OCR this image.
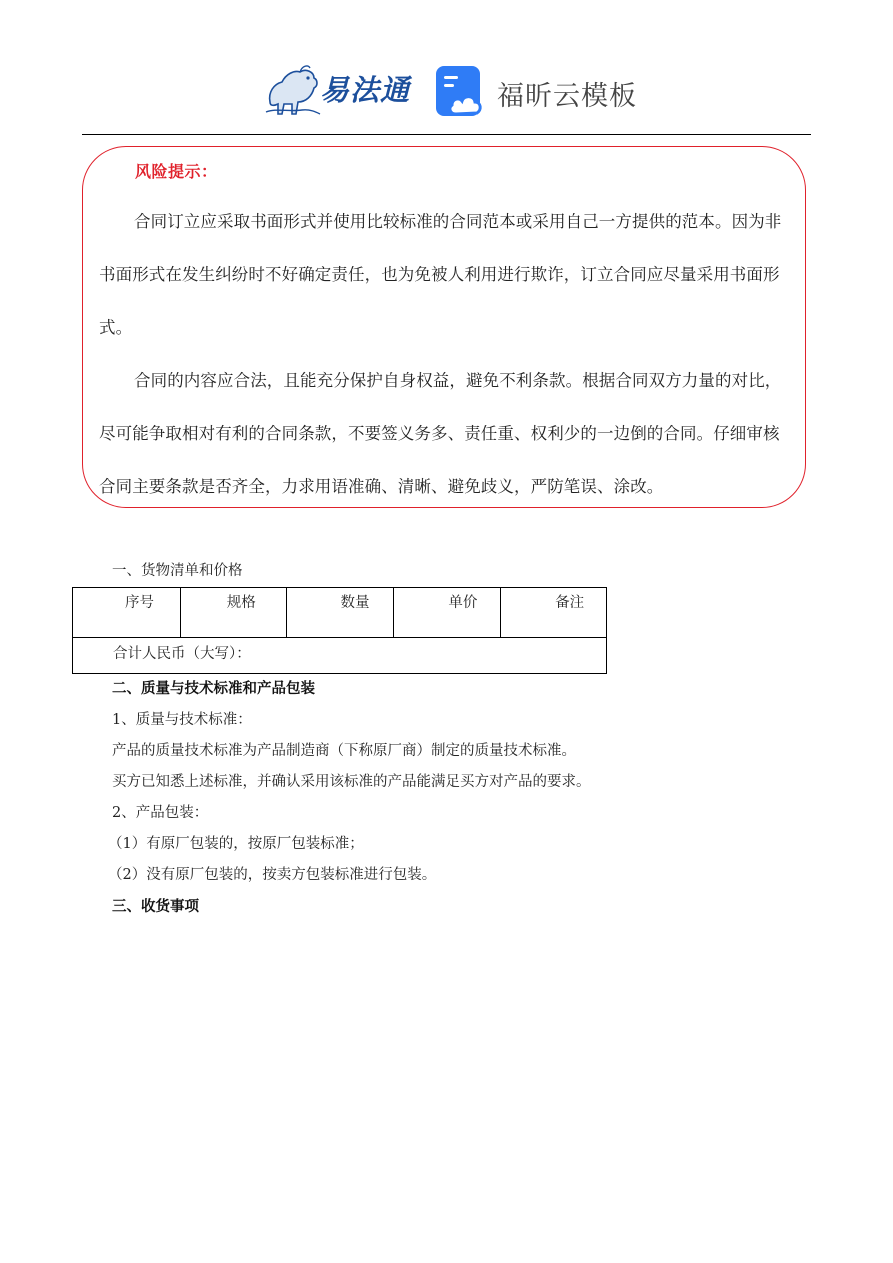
易法通	福昕云模板
风险提示：
合同订立应采取书面形式并使用比较标准的合同范本或采用自己一方提供的范本。因为非书面形式在发生纠纷时不好确定责任，也为免被人利用进行欺诈，订立合同应尽量采用书面形式。
合同的内容应合法，且能充分保护自身权益，避免不利条款。根据合同双方力量的对比，尽可能争取相对有利的合同条款，不要签义务多、责任重、权利少的一边倒的合同。仔细审核合同主要条款是否齐全，力求用语准确、清晰、避免歧义，严防笔误、涂改。
一、货物清单和价格
序号	规格	数量	单价	备注
合计人民币（大写）：
二、质量与技术标准和产品包装
1、质量与技术标准：
产品的质量技术标准为产品制造商（下称原厂商）制定的质量技术标准。
买方已知悉上述标准，并确认采用该标准的产品能满足买方对产品的要求。
2、产品包装：
（1）有原厂包装的，按原厂包装标准；
（2）没有原厂包装的，按卖方包装标准进行包装。
三、收货事项
